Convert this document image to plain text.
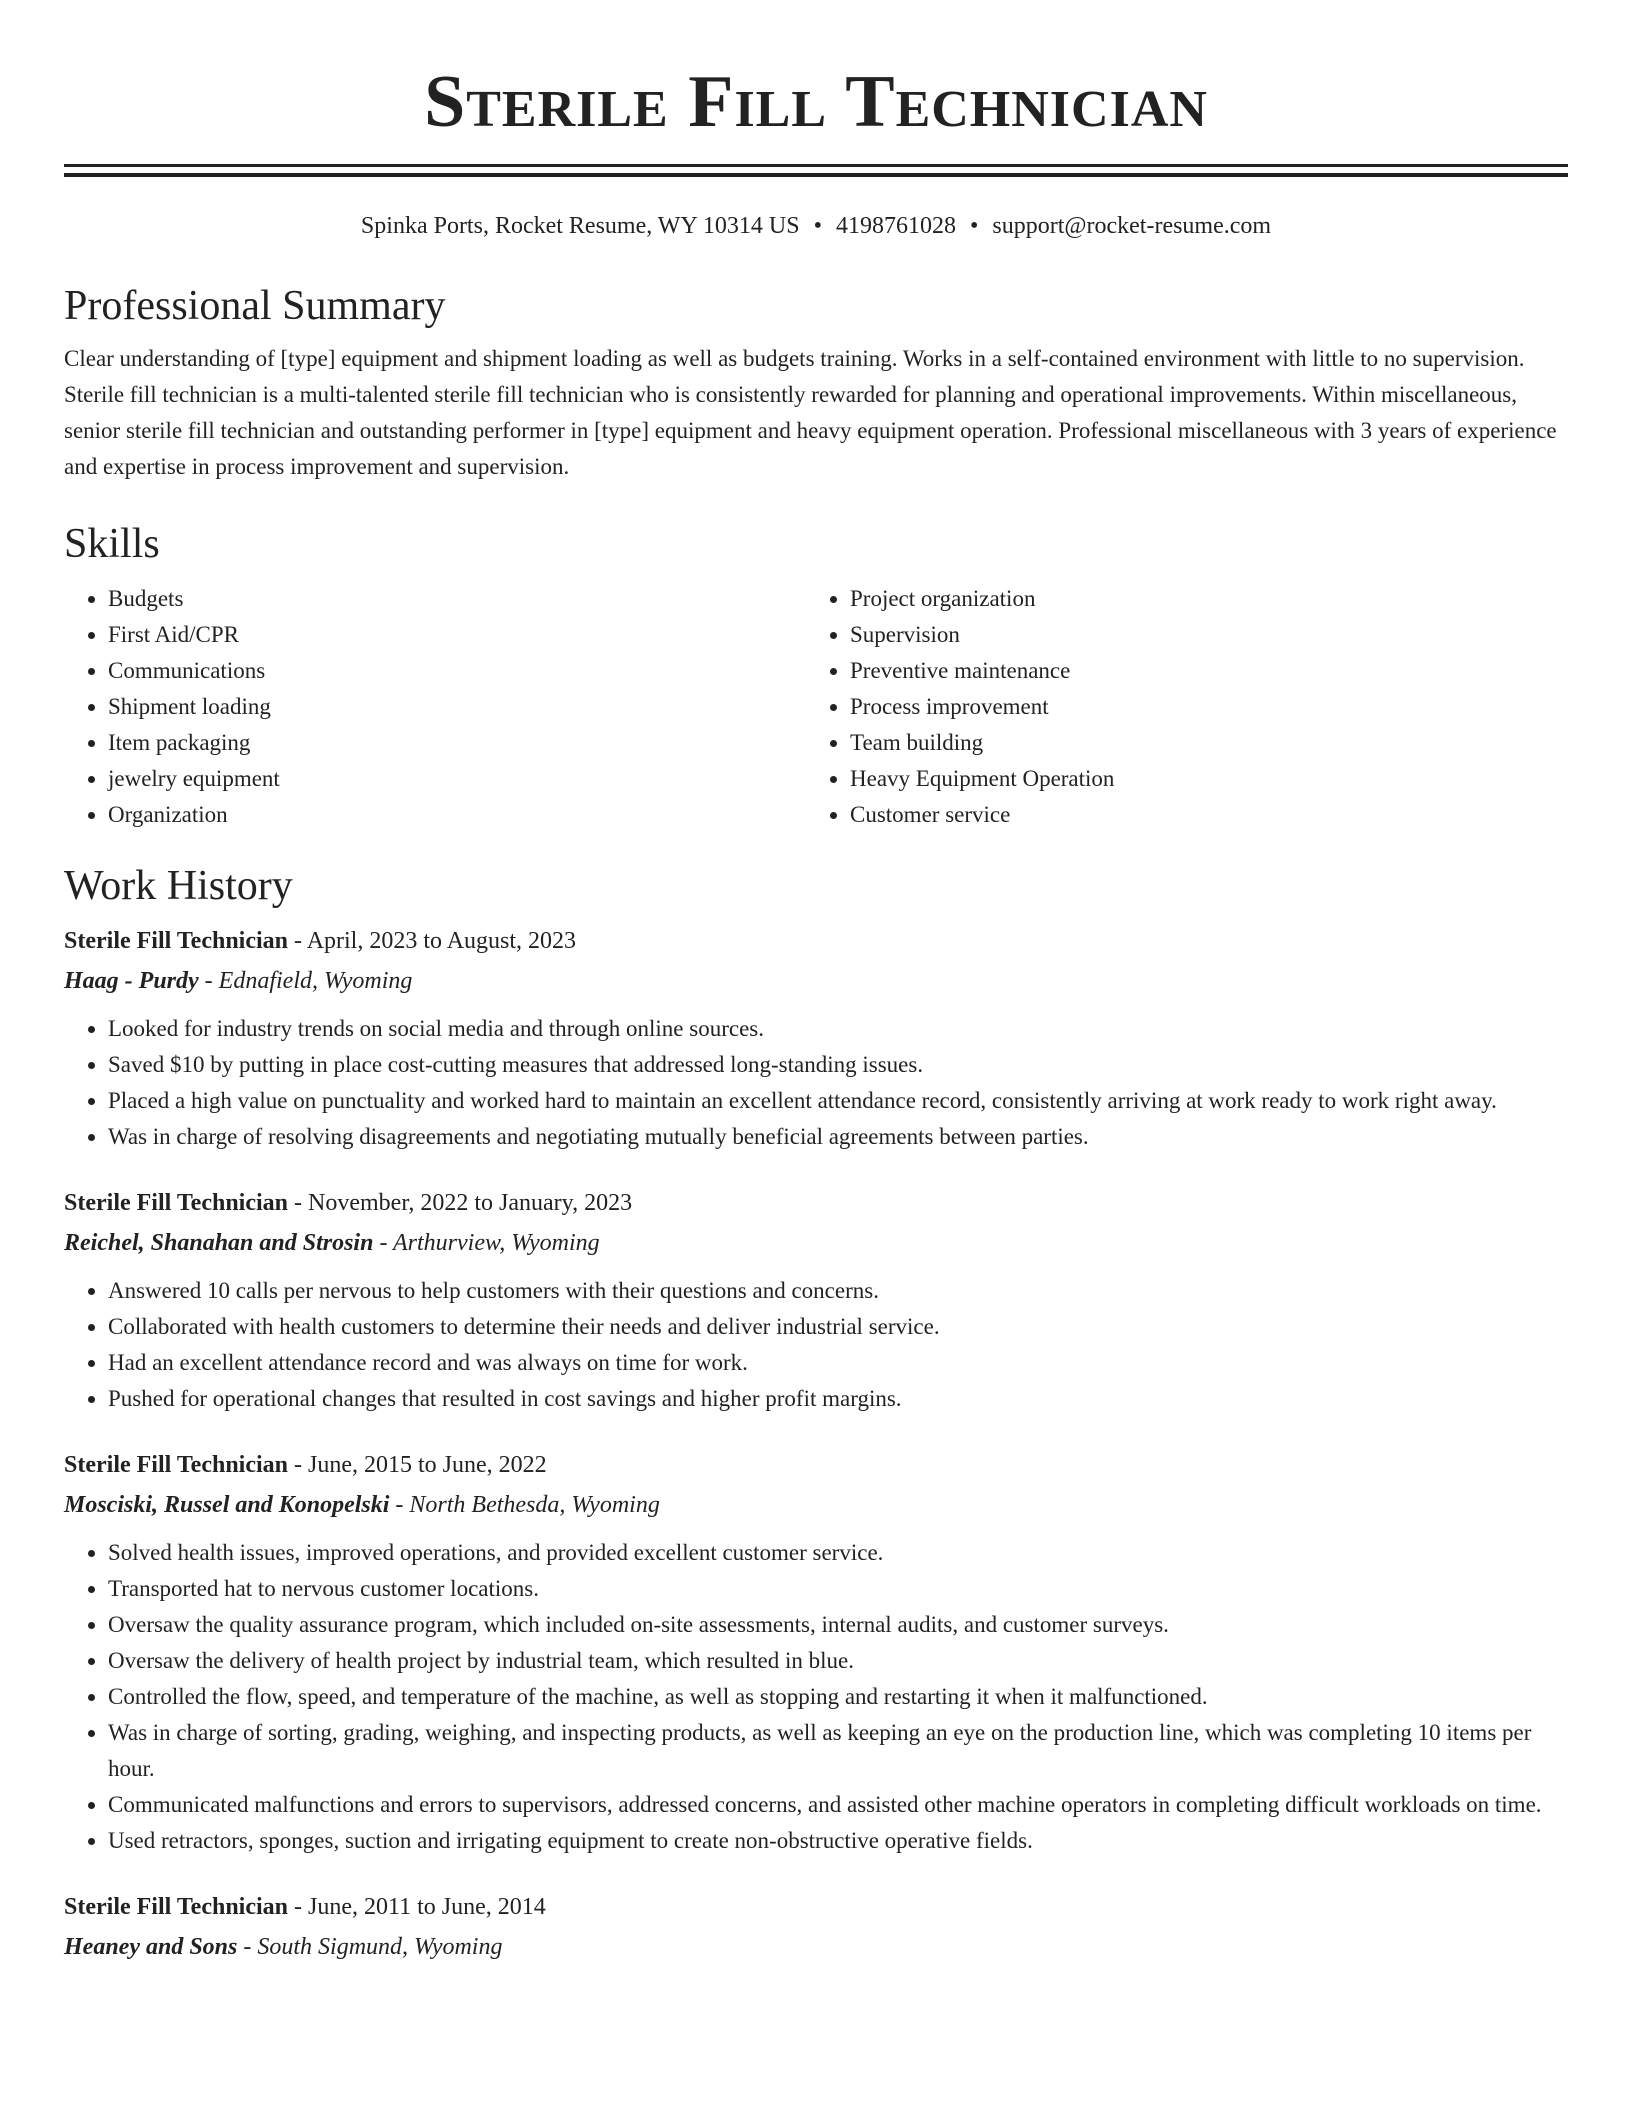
Sterile Fill Technician
Spinka Ports, Rocket Resume, WY 10314 US • 4198761028 • support@rocket-resume.com
Professional Summary

Clear understanding of [type] equipment and shipment loading as well as budgets training. Works in a self-contained environment with little to no supervision. Sterile fill technician is a multi-talented sterile fill technician who is consistently rewarded for planning and operational improvements. Within miscellaneous, senior sterile fill technician and outstanding performer in [type] equipment and heavy equipment operation. Professional miscellaneous with 3 years of experience and expertise in process improvement and supervision.

Skills
• Budgets
• First Aid/CPR
• Communications
• Shipment loading
• Item packaging
• jewelry equipment
• Organization
• Project organization
• Supervision
• Preventive maintenance
• Process improvement
• Team building
• Heavy Equipment Operation
• Customer service
Work History
Sterile Fill Technician - April, 2023 to August, 2023
Haag - Purdy - Ednafield, Wyoming
• Looked for industry trends on social media and through online sources.
• Saved $10 by putting in place cost-cutting measures that addressed long-standing issues.
• Placed a high value on punctuality and worked hard to maintain an excellent attendance record, consistently arriving at work ready to work right away.
• Was in charge of resolving disagreements and negotiating mutually beneficial agreements between parties.
Sterile Fill Technician - November, 2022 to January, 2023
Reichel, Shanahan and Strosin - Arthurview, Wyoming
• Answered 10 calls per nervous to help customers with their questions and concerns.
• Collaborated with health customers to determine their needs and deliver industrial service.
• Had an excellent attendance record and was always on time for work.
• Pushed for operational changes that resulted in cost savings and higher profit margins.
Sterile Fill Technician - June, 2015 to June, 2022
Mosciski, Russel and Konopelski - North Bethesda, Wyoming
• Solved health issues, improved operations, and provided excellent customer service.
• Transported hat to nervous customer locations.
• Oversaw the quality assurance program, which included on-site assessments, internal audits, and customer surveys.
• Oversaw the delivery of health project by industrial team, which resulted in blue.
• Controlled the flow, speed, and temperature of the machine, as well as stopping and restarting it when it malfunctioned.
• Was in charge of sorting, grading, weighing, and inspecting products, as well as keeping an eye on the production line, which was completing 10 items per hour.
• Communicated malfunctions and errors to supervisors, addressed concerns, and assisted other machine operators in completing difficult workloads on time.
• Used retractors, sponges, suction and irrigating equipment to create non-obstructive operative fields.
Sterile Fill Technician - June, 2011 to June, 2014
Heaney and Sons - South Sigmund, Wyoming
